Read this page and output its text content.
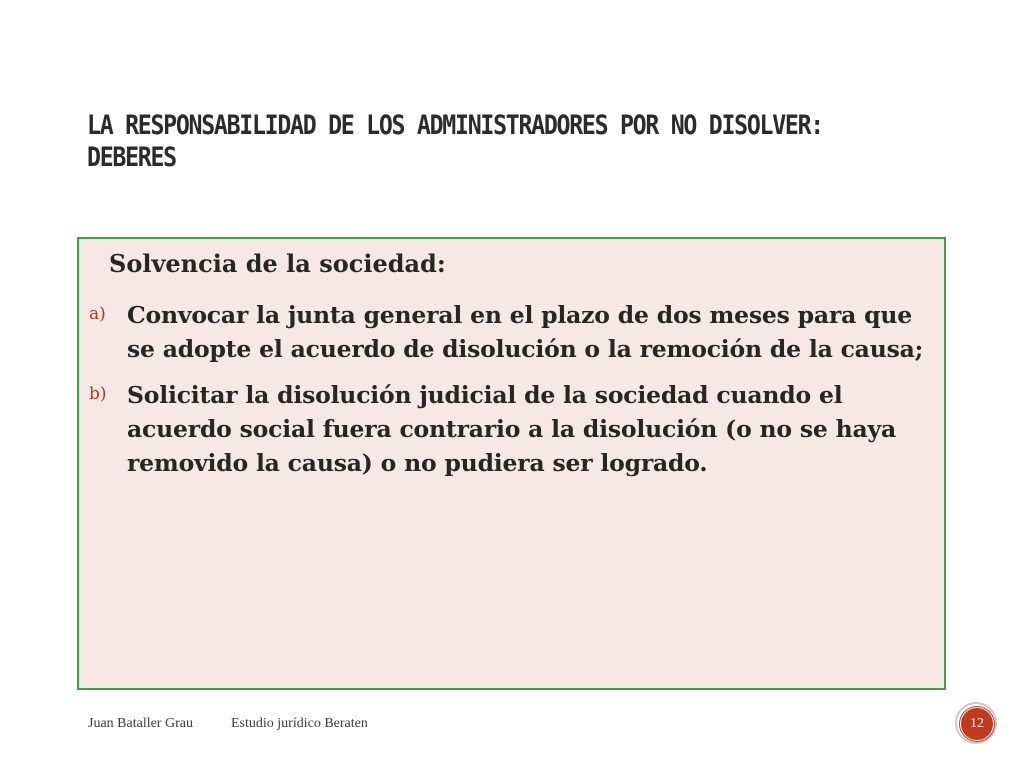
LA RESPONSABILIDAD DE LOS ADMINISTRADORES POR NO DISOLVER: DEBERES

Solvencia de la sociedad:

a) Convocar la junta general en el plazo de dos meses para que se adopte el acuerdo de disolución o la remoción de la causa;
b) Solicitar la disolución judicial de la sociedad cuando el acuerdo social fuera contrario a la disolución (o no se haya removido la causa) o no pudiera ser logrado.
Juan Bataller Grau	Estudio jurídico Beraten	12
